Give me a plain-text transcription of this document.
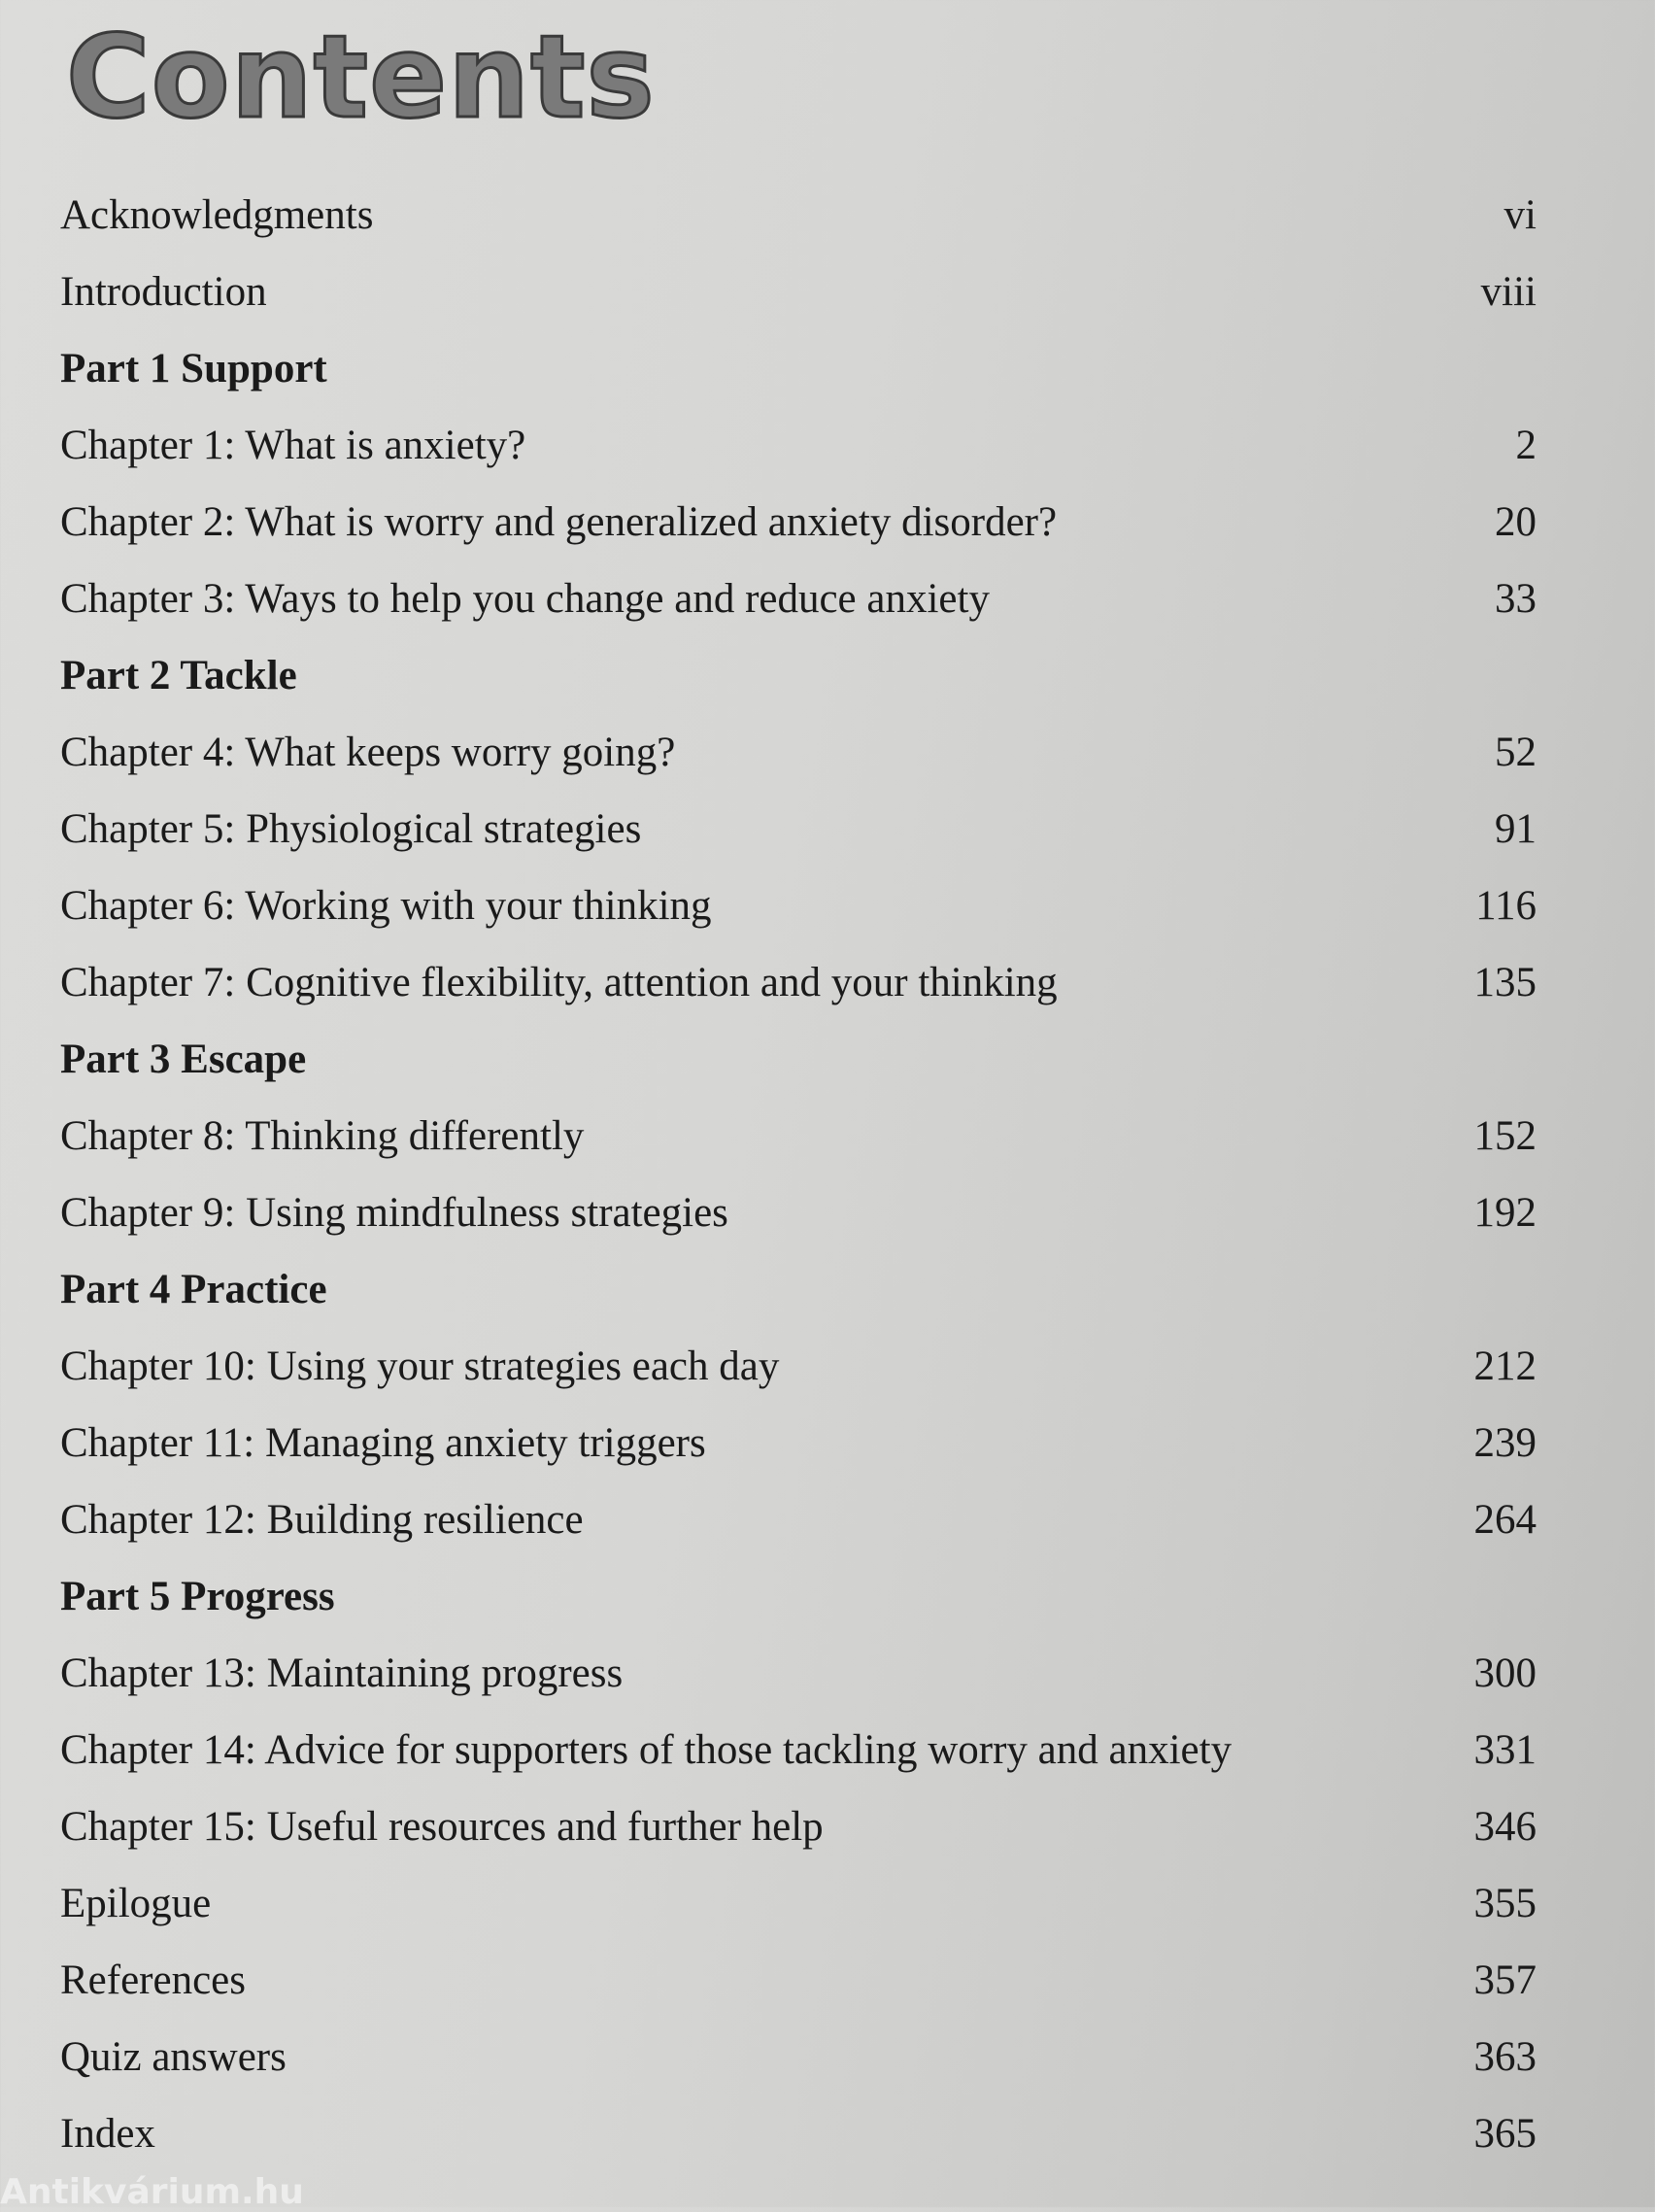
Contents
Acknowledgments	vi
Introduction	viii
Part 1 Support
Chapter 1: What is anxiety?	2
Chapter 2: What is worry and generalized anxiety disorder?	20
Chapter 3: Ways to help you change and reduce anxiety	33
Part 2 Tackle
Chapter 4: What keeps worry going?	52
Chapter 5: Physiological strategies	91
Chapter 6: Working with your thinking	116
Chapter 7: Cognitive flexibility, attention and your thinking	135
Part 3 Escape
Chapter 8: Thinking differently	152
Chapter 9: Using mindfulness strategies	192
Part 4 Practice
Chapter 10: Using your strategies each day	212
Chapter 11: Managing anxiety triggers	239
Chapter 12: Building resilience	264
Part 5 Progress
Chapter 13: Maintaining progress	300
Chapter 14: Advice for supporters of those tackling worry and anxiety	331
Chapter 15: Useful resources and further help	346
Epilogue	355
References	357
Quiz answers	363
Index	365
Antikvárium.hu
